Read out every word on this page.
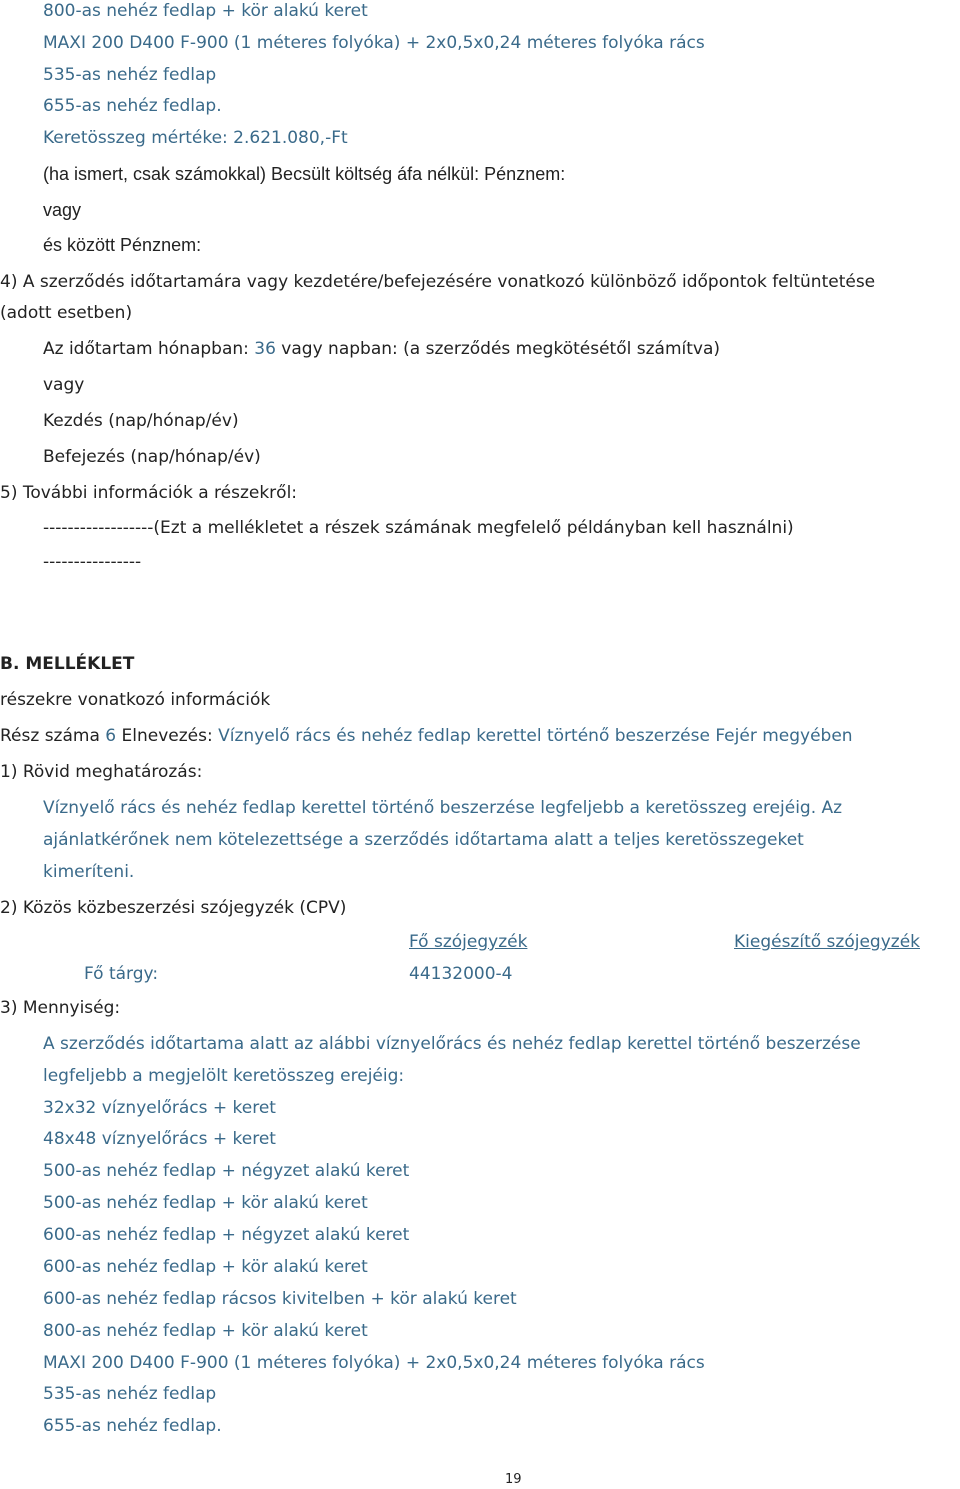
800-as nehéz fedlap + kör alakú keret
MAXI 200 D400 F-900 (1 méteres folyóka) + 2x0,5x0,24 méteres folyóka rács
535-as nehéz fedlap
655-as nehéz fedlap.
Keretösszeg mértéke: 2.621.080,-Ft
(ha ismert, csak számokkal) Becsült költség áfa nélkül: Pénznem:
vagy
és között Pénznem:
4) A szerződés időtartamára vagy kezdetére/befejezésére vonatkozó különböző időpontok feltüntetése
(adott esetben)
Az időtartam hónapban: 36 vagy napban: (a szerződés megkötésétől számítva)
vagy
Kezdés (nap/hónap/év)
Befejezés (nap/hónap/év)
5) További információk a részekről:
------------------(Ezt a mellékletet a részek számának megfelelő példányban kell használni)
----------------
B. MELLÉKLET
részekre vonatkozó információk
Rész száma 6 Elnevezés: Víznyelő rács és nehéz fedlap kerettel történő beszerzése Fejér megyében
1) Rövid meghatározás:
Víznyelő rács és nehéz fedlap kerettel történő beszerzése legfeljebb a keretösszeg erejéig. Az
ajánlatkérőnek nem kötelezettsége a szerződés időtartama alatt a teljes keretösszegeket
kimeríteni.
2) Közös közbeszerzési szójegyzék (CPV)
Fő szójegyzék	Kiegészítő szójegyzék
Fő tárgy:	44132000-4
3) Mennyiség:
A szerződés időtartama alatt az alábbi víznyelőrács és nehéz fedlap kerettel történő beszerzése
legfeljebb a megjelölt keretösszeg erejéig:
32x32 víznyelőrács + keret
48x48 víznyelőrács + keret
500-as nehéz fedlap + négyzet alakú keret
500-as nehéz fedlap + kör alakú keret
600-as nehéz fedlap + négyzet alakú keret
600-as nehéz fedlap + kör alakú keret
600-as nehéz fedlap rácsos kivitelben + kör alakú keret
800-as nehéz fedlap + kör alakú keret
MAXI 200 D400 F-900 (1 méteres folyóka) + 2x0,5x0,24 méteres folyóka rács
535-as nehéz fedlap
655-as nehéz fedlap.
19
